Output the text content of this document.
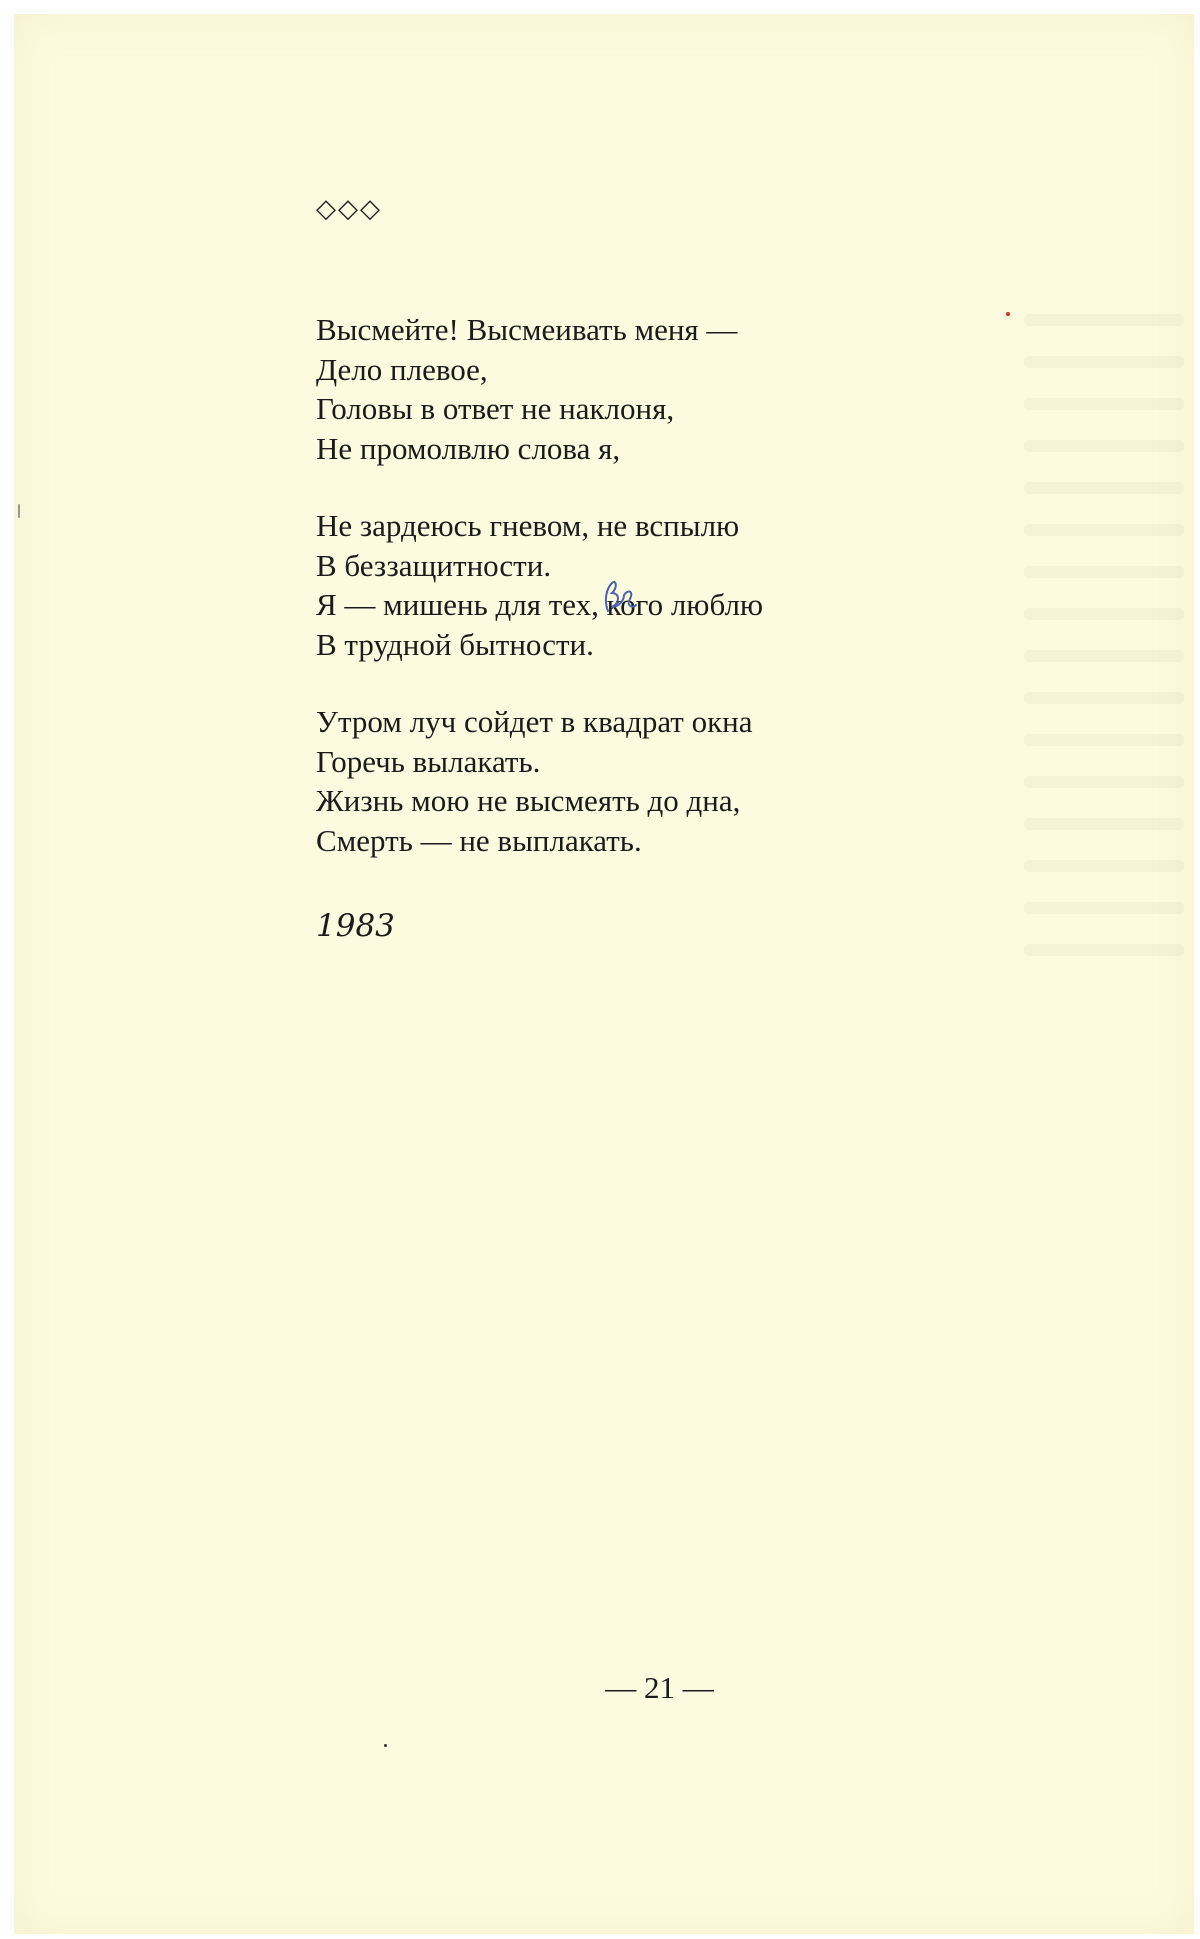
◇◇◇
Высмейте! Высмеивать меня —
Дело плевое,
Головы в ответ не наклоня,
Не промолвлю слова я,
Не зардеюсь гневом, не вспылю
В беззащитности.
Я — мишень для тех, кого люблю
В трудной бытности.
Утром луч сойдет в квадрат окна
Горечь вылакать.
Жизнь мою не высмеять до дна,
Смерть — не выплакать.
1983
— 21 —
